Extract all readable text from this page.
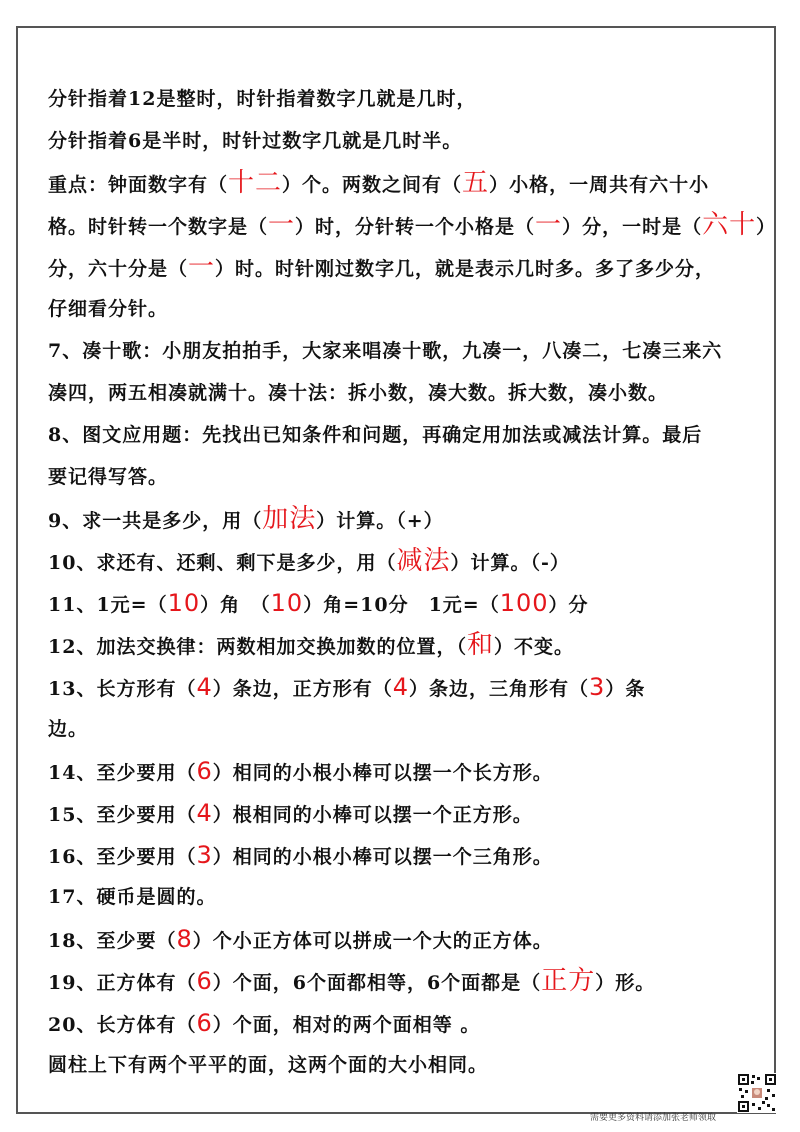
分针指着12是整时，时针指着数字几就是几时，
分针指着6是半时，时针过数字几就是几时半。
重点：钟面数字有（十二）个。两数之间有（五）小格，一周共有六十小
格。时针转一个数字是（一）时，分针转一个小格是（一）分，一时是（六十）
分，六十分是（一）时。时针刚过数字几，就是表示几时多。多了多少分，
仔细看分针。
7、凑十歌：小朋友拍拍手，大家来唱凑十歌，九凑一，八凑二，七凑三来六
凑四，两五相凑就满十。凑十法：拆小数，凑大数。拆大数，凑小数。
8、图文应用题：先找出已知条件和问题，再确定用加法或减法计算。最后
要记得写答。
9、求一共是多少，用（加法）计算。（+）
10、求还有、还剩、剩下是多少，用（减法）计算。（-）
11、1元=（10）角　（10）角=10分　1元=（100）分
12、加法交换律：两数相加交换加数的位置，（和）不变。
13、长方形有（4）条边，正方形有（4）条边，三角形有（3）条
边。
14、至少要用（6）相同的小根小棒可以摆一个长方形。
15、至少要用（4）根相同的小棒可以摆一个正方形。
16、至少要用（3）相同的小根小棒可以摆一个三角形。
17、硬币是圆的。
18、至少要（8）个小正方体可以拼成一个大的正方体。
19、正方体有（6）个面，6个面都相等，6个面都是（正方）形。
20、长方体有（6）个面，相对的两个面相等 。
圆柱上下有两个平平的面，这两个面的大小相同。
需要更多资料请添加张老师领取
